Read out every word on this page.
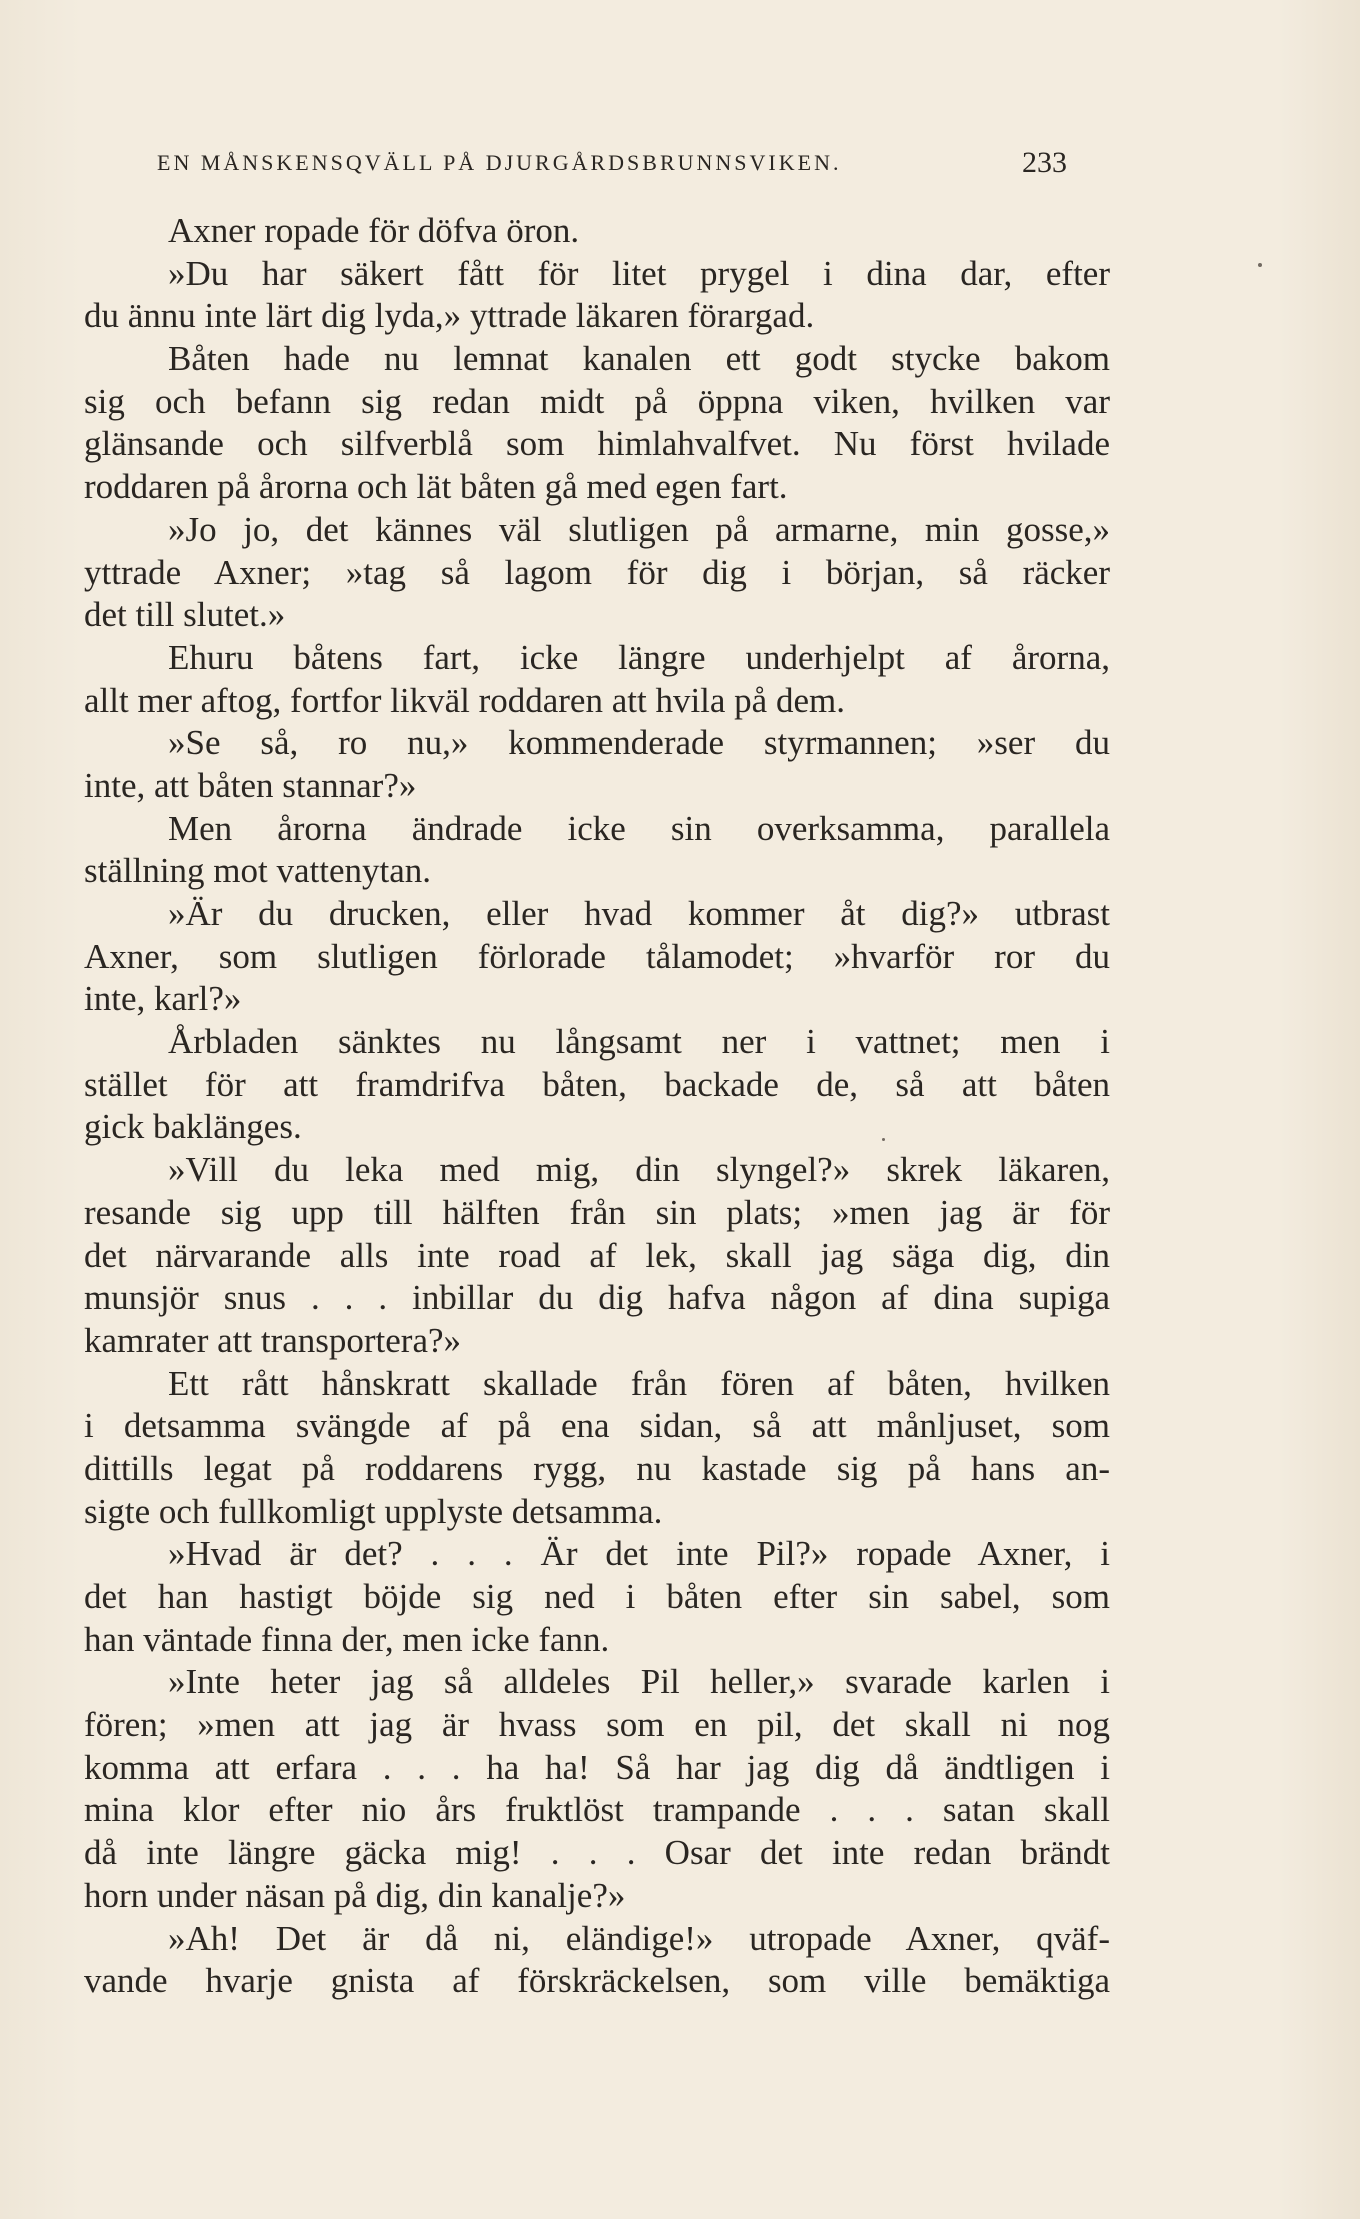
EN MÅNSKENSQVÄLL PÅ DJURGÅRDSBRUNNSVIKEN.	233
Axner ropade för döfva öron.
»Du har säkert fått för litet prygel i dina dar, efter
du ännu inte lärt dig lyda,» yttrade läkaren förargad.
Båten hade nu lemnat kanalen ett godt stycke bakom
sig och befann sig redan midt på öppna viken, hvilken var
glänsande och silfverblå som himlahvalfvet. Nu först hvilade
roddaren på årorna och lät båten gå med egen fart.
»Jo jo, det kännes väl slutligen på armarne, min gosse,»
yttrade Axner; »tag så lagom för dig i början, så räcker
det till slutet.»
Ehuru båtens fart, icke längre underhjelpt af årorna,
allt mer aftog, fortfor likväl roddaren att hvila på dem.
»Se så, ro nu,» kommenderade styrmannen; »ser du
inte, att båten stannar?»
Men årorna ändrade icke sin overksamma, parallela
ställning mot vattenytan.
»Är du drucken, eller hvad kommer åt dig?» utbrast
Axner, som slutligen förlorade tålamodet; »hvarför ror du
inte, karl?»
Årbladen sänktes nu långsamt ner i vattnet; men i
stället för att framdrifva båten, backade de, så att båten
gick baklänges.
»Vill du leka med mig, din slyngel?» skrek läkaren,
resande sig upp till hälften från sin plats; »men jag är för
det närvarande alls inte road af lek, skall jag säga dig, din
munsjör snus . . . inbillar du dig hafva någon af dina supiga
kamrater att transportera?»
Ett rått hånskratt skallade från fören af båten, hvilken
i detsamma svängde af på ena sidan, så att månljuset, som
dittills legat på roddarens rygg, nu kastade sig på hans an-
sigte och fullkomligt upplyste detsamma.
»Hvad är det? . . . Är det inte Pil?» ropade Axner, i
det han hastigt böjde sig ned i båten efter sin sabel, som
han väntade finna der, men icke fann.
»Inte heter jag så alldeles Pil heller,» svarade karlen i
fören; »men att jag är hvass som en pil, det skall ni nog
komma att erfara . . . ha ha! Så har jag dig då ändtligen i
mina klor efter nio års fruktlöst trampande . . . satan skall
då inte längre gäcka mig! . . . Osar det inte redan brändt
horn under näsan på dig, din kanalje?»
»Ah! Det är då ni, eländige!» utropade Axner, qväf-
vande hvarje gnista af förskräckelsen, som ville bemäktiga
